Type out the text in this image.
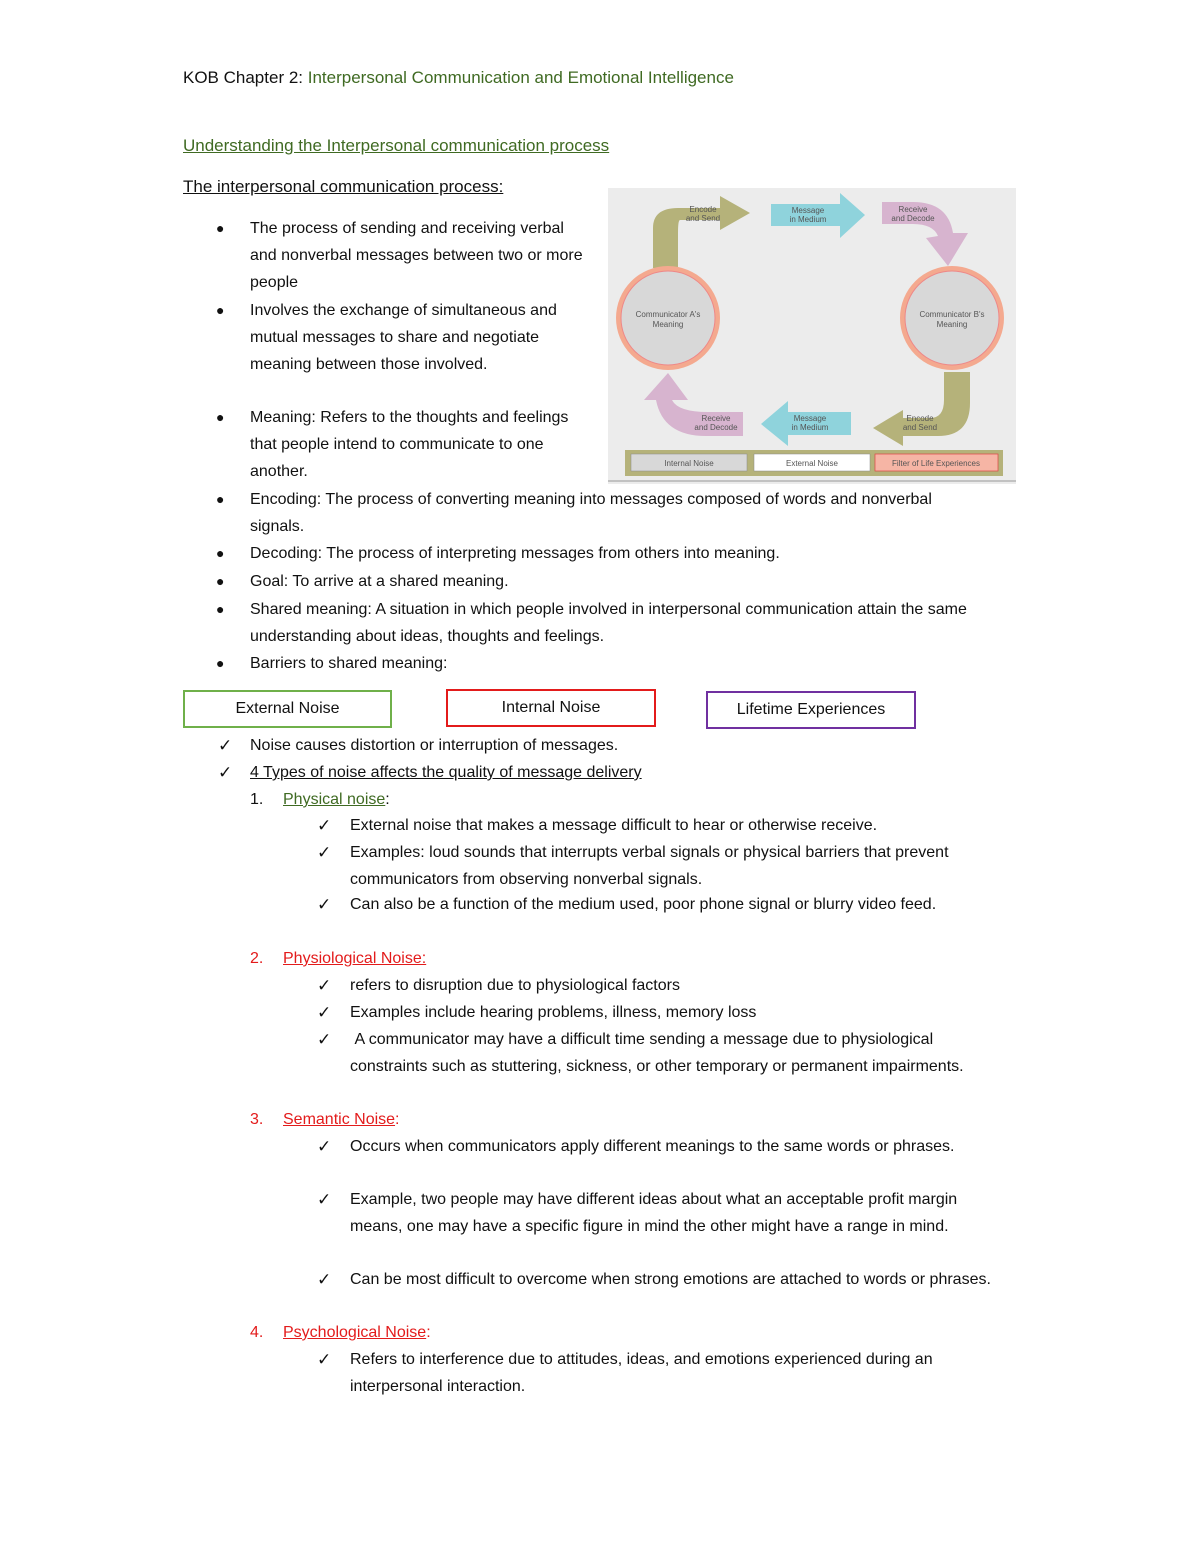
KOB Chapter 2: Interpersonal Communication and Emotional Intelligence
Understanding the Interpersonal communication process
The interpersonal communication process:
● The process of sending and receiving verbal and nonverbal messages between two or more people
● Involves the exchange of simultaneous and mutual messages to share and negotiate meaning between those involved.
● Meaning: Refers to the thoughts and feelings that people intend to communicate to one another.
● Encoding: The process of converting meaning into messages composed of words and nonverbal signals.
● Decoding: The process of interpreting messages from others into meaning.
● Goal: To arrive at a shared meaning.
● Shared meaning: A situation in which people involved in interpersonal communication attain the same understanding about ideas, thoughts and feelings.
● Barriers to shared meaning:
Encode
and Send
Message
in Medium
Receive
and Decode
Communicator A's
Meaning
Communicator B's
Meaning
Encode
and Send
Message
in Medium
Receive
and Decode
Internal Noise	External Noise	Filter of Life Experiences
External Noise	Internal Noise	Lifetime Experiences
✓ Noise causes distortion or interruption of messages.
✓ 4 Types of noise affects the quality of message delivery
1. Physical noise:
✓ External noise that makes a message difficult to hear or otherwise receive.
✓ Examples: loud sounds that interrupts verbal signals or physical barriers that prevent communicators from observing nonverbal signals.
✓ Can also be a function of the medium used, poor phone signal or blurry video feed.
2. Physiological Noise:
✓ refers to disruption due to physiological factors
✓ Examples include hearing problems, illness, memory loss
✓ A communicator may have a difficult time sending a message due to physiological constraints such as stuttering, sickness, or other temporary or permanent impairments.
3. Semantic Noise:
✓ Occurs when communicators apply different meanings to the same words or phrases.
✓ Example, two people may have different ideas about what an acceptable profit margin means, one may have a specific figure in mind the other might have a range in mind.
✓ Can be most difficult to overcome when strong emotions are attached to words or phrases.
4. Psychological Noise:
✓ Refers to interference due to attitudes, ideas, and emotions experienced during an interpersonal interaction.
